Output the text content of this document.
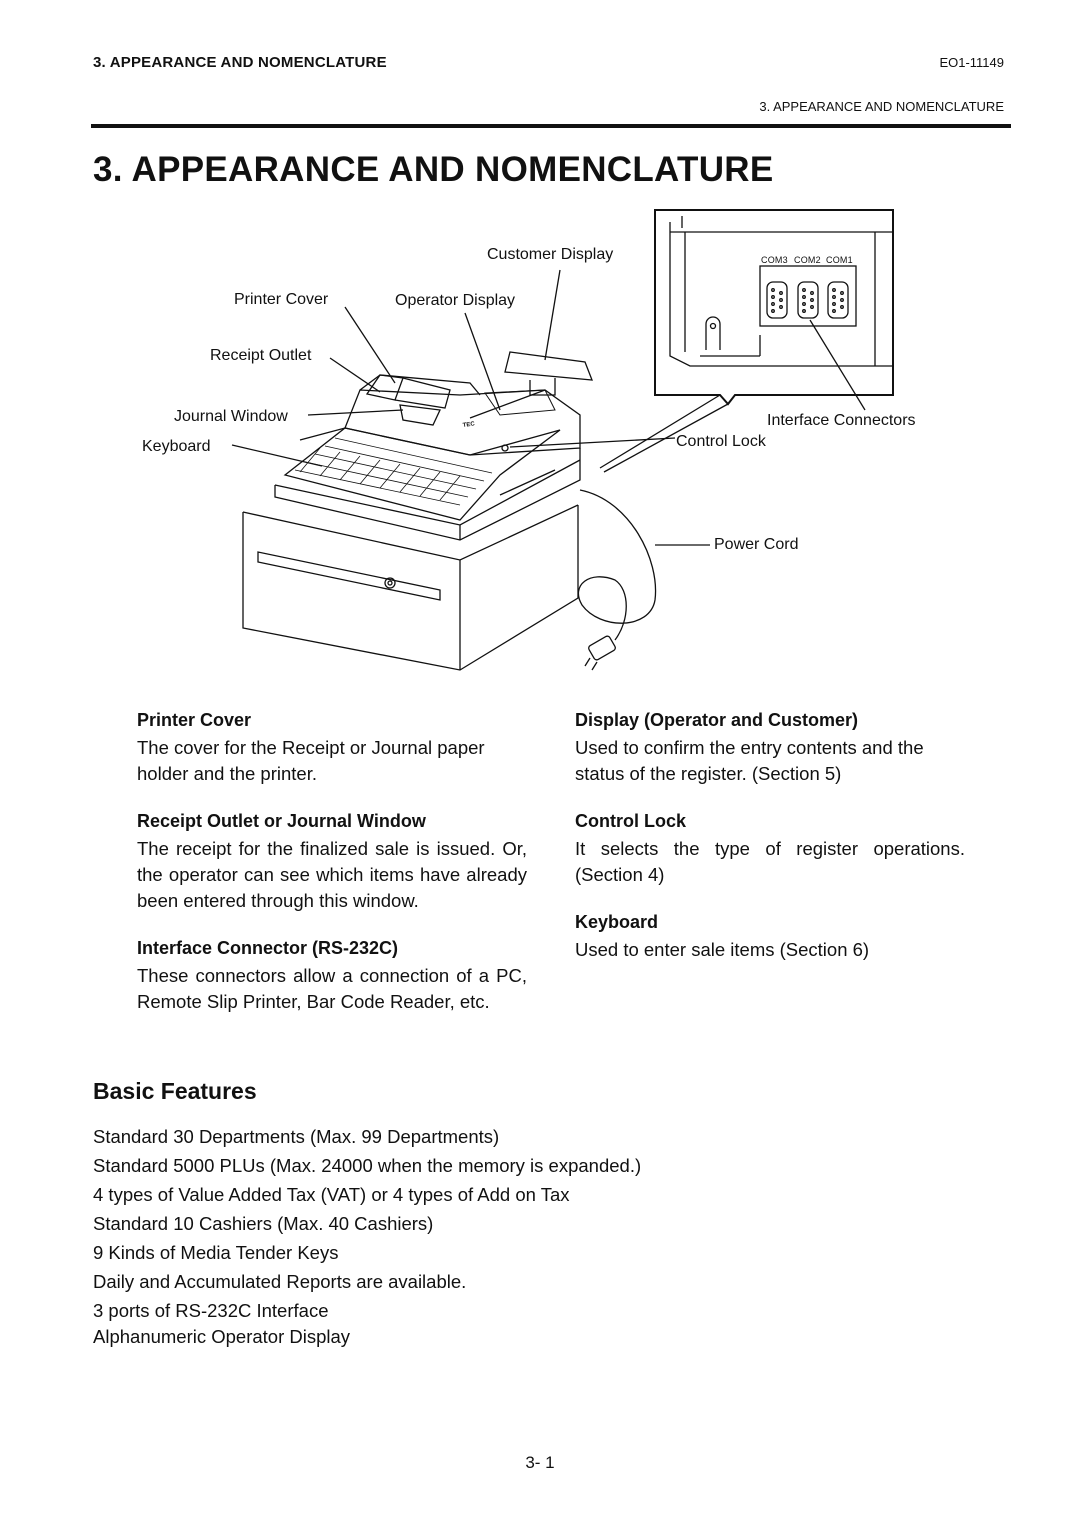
3. APPEARANCE AND NOMENCLATURE	EO1-11149
3. APPEARANCE AND NOMENCLATURE
3. APPEARANCE AND NOMENCLATURE
TEC
Customer Display
Printer Cover	Operator Display
Receipt Outlet
Journal Window
Keyboard
Interface Connectors
Control Lock
Power Cord
COM3 COM2 COM1
Printer Cover

The cover for the Receipt or Journal paper holder and the printer.

Receipt Outlet or Journal Window

The receipt for the finalized sale is issued. Or, the operator can see which items have already been entered through this window.

Interface Connector (RS-232C)

These connectors allow a connection of a PC, Remote Slip Printer, Bar Code Reader, etc.

Display (Operator and Customer)

Used to confirm the entry contents and the status of the register. (Section 5)

Control Lock

It selects the type of register operations. (Section 4)

Keyboard

Used to enter sale items (Section 6)

Basic Features
Standard 30 Departments (Max. 99 Departments)
Standard 5000 PLUs (Max. 24000 when the memory is expanded.)
4 types of Value Added Tax (VAT) or 4 types of Add on Tax
Standard 10 Cashiers (Max. 40 Cashiers)
9 Kinds of Media Tender Keys
Daily and Accumulated Reports are available.
3 ports of RS-232C Interface
Alphanumeric Operator Display
3- 1
